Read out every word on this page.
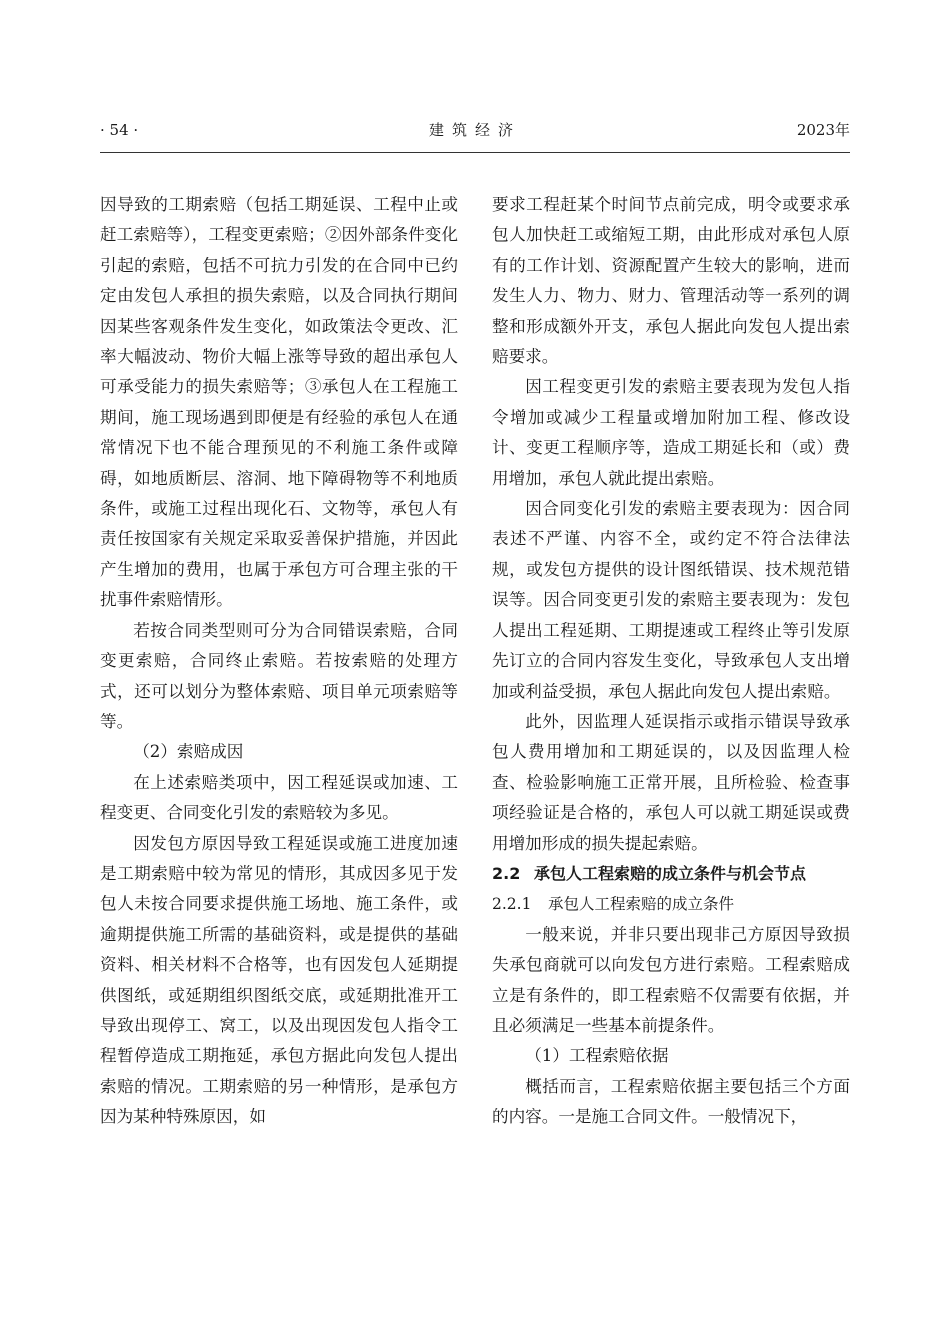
· 54 ·	建筑经济	2023年

因导致的工期索赔（包括工期延误、工程中止或赶工索赔等），工程变更索赔；②因外部条件变化引起的索赔，包括不可抗力引发的在合同中已约定由发包人承担的损失索赔，以及合同执行期间因某些客观条件发生变化，如政策法令更改、汇率大幅波动、物价大幅上涨等导致的超出承包人可承受能力的损失索赔等；③承包人在工程施工期间，施工现场遇到即便是有经验的承包人在通常情况下也不能合理预见的不利施工条件或障碍，如地质断层、溶洞、地下障碍物等不利地质条件，或施工过程出现化石、文物等，承包人有责任按国家有关规定采取妥善保护措施，并因此产生增加的费用，也属于承包方可合理主张的干扰事件索赔情形。

若按合同类型则可分为合同错误索赔，合同变更索赔，合同终止索赔。若按索赔的处理方式，还可以划分为整体索赔、项目单元项索赔等等。

（2）索赔成因

在上述索赔类项中，因工程延误或加速、工程变更、合同变化引发的索赔较为多见。

因发包方原因导致工程延误或施工进度加速是工期索赔中较为常见的情形，其成因多见于发包人未按合同要求提供施工场地、施工条件，或逾期提供施工所需的基础资料，或是提供的基础资料、相关材料不合格等，也有因发包人延期提供图纸，或延期组织图纸交底，或延期批准开工导致出现停工、窝工，以及出现因发包人指令工程暂停造成工期拖延，承包方据此向发包人提出索赔的情况。工期索赔的另一种情形，是承包方因为某种特殊原因，如

要求工程赶某个时间节点前完成，明令或要求承包人加快赶工或缩短工期，由此形成对承包人原有的工作计划、资源配置产生较大的影响，进而发生人力、物力、财力、管理活动等一系列的调整和形成额外开支，承包人据此向发包人提出索赔要求。

因工程变更引发的索赔主要表现为发包人指令增加或减少工程量或增加附加工程、修改设计、变更工程顺序等，造成工期延长和（或）费用增加，承包人就此提出索赔。

因合同变化引发的索赔主要表现为：因合同表述不严谨、内容不全，或约定不符合法律法规，或发包方提供的设计图纸错误、技术规范错误等。因合同变更引发的索赔主要表现为：发包人提出工程延期、工期提速或工程终止等引发原先订立的合同内容发生变化，导致承包人支出增加或利益受损，承包人据此向发包人提出索赔。

此外，因监理人延误指示或指示错误导致承包人费用增加和工期延误的，以及因监理人检查、检验影响施工正常开展，且所检验、检查事项经验证是合格的，承包人可以就工期延误或费用增加形成的损失提起索赔。

2.2 承包人工程索赔的成立条件与机会节点

2.2.1 承包人工程索赔的成立条件

一般来说，并非只要出现非己方原因导致损失承包商就可以向发包方进行索赔。工程索赔成立是有条件的，即工程索赔不仅需要有依据，并且必须满足一些基本前提条件。

（1）工程索赔依据

概括而言，工程索赔依据主要包括三个方面的内容。一是施工合同文件。一般情况下，
